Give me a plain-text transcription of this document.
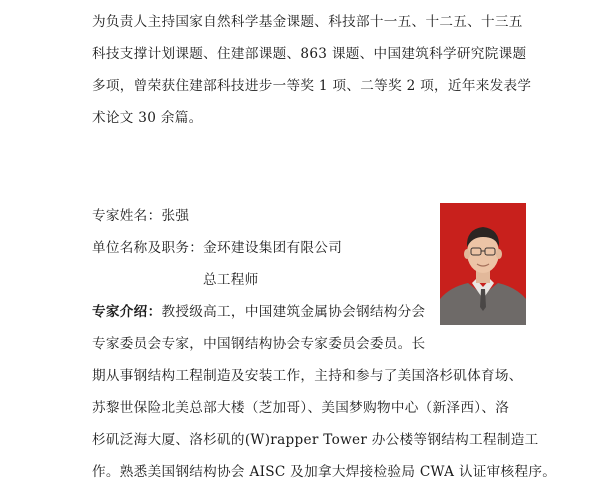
为负责人主持国家自然科学基金课题、科技部十一五、十二五、十三五
科技支撑计划课题、住建部课题、863 课题、中国建筑科学研究院课题
多项，曾荣获住建部科技进步一等奖 1 项、二等奖 2 项，近年来发表学
术论文 30 余篇。
专家姓名：张强
单位名称及职务：金环建设集团有限公司
总工程师
专家介绍：教授级高工，中国建筑金属协会钢结构分会
专家委员会专家，中国钢结构协会专家委员会委员。长
期从事钢结构工程制造及安装工作，主持和参与了美国洛杉矶体育场、
苏黎世保险北美总部大楼（芝加哥）、美国梦购物中心（新泽西）、洛
杉矶泛海大厦、洛杉矶的(W)rapper Tower 办公楼等钢结构工程制造工
作。熟悉美国钢结构协会 AISC 及加拿大焊接检验局 CWA 认证审核程序。
